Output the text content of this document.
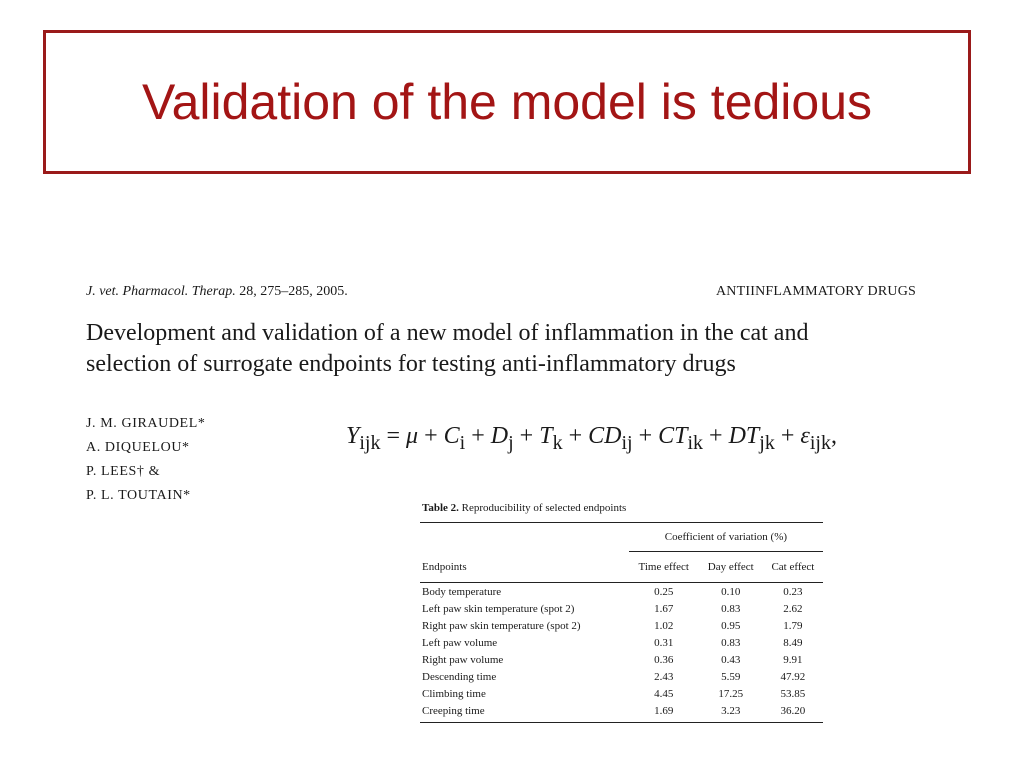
Validation of the model is tedious
J. vet. Pharmacol. Therap. 28, 275–285, 2005.	ANTIINFLAMMATORY DRUGS
Development and validation of a new model of inflammation in the cat and
selection of surrogate endpoints for testing anti-inflammatory drugs
J. M. GIRAUDEL*
A. DIQUELOU*
P. LEES† &
P. L. TOUTAIN*
$Y_{ijk} = \mu + C_i + D_j + T_k + CD_{ij} + CT_{ik} + DT_{jk} + \varepsilon_{ijk}$,
Table 2. Reproducibility of selected endpoints

	Coefficient of variation (%)		
Endpoints	Time effect	Day effect	Cat effect
Body temperature	0.25	0.10	0.23
Left paw skin temperature (spot 2)	1.67	0.83	2.62
Right paw skin temperature (spot 2)	1.02	0.95	1.79
Left paw volume	0.31	0.83	8.49
Right paw volume	0.36	0.43	9.91
Descending time	2.43	5.59	47.92
Climbing time	4.45	17.25	53.85
Creeping time	1.69	3.23	36.20
